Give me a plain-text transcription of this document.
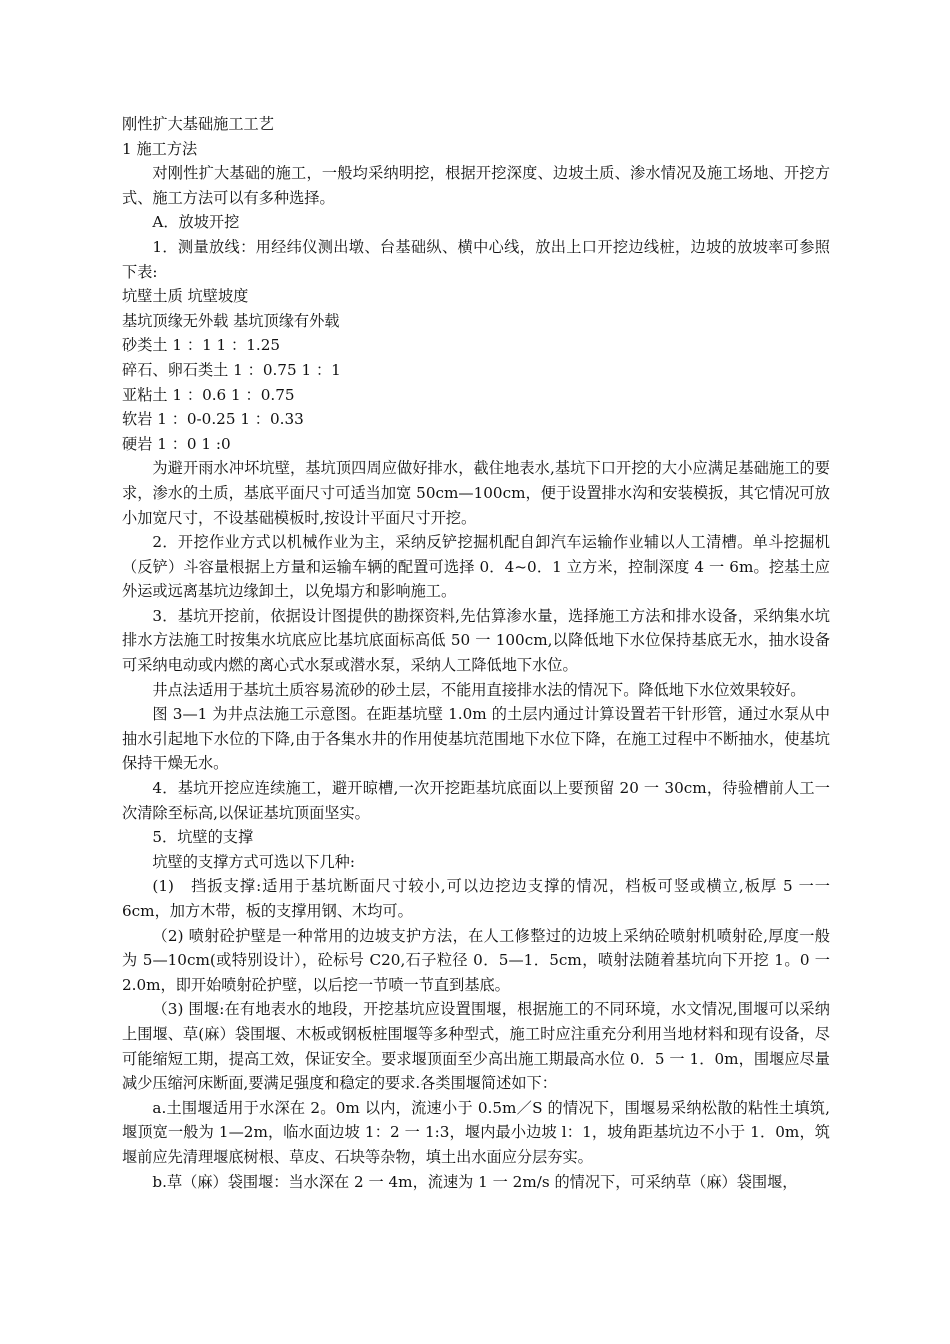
刚性扩大基础施工工艺
1 施工方法
对刚性扩大基础的施工，一般均采纳明挖，根据开挖深度、边坡土质、渗水情况及施工场地、开挖方式、施工方法可以有多种选择。
A．放坡开挖
1．测量放线：用经纬仪测出墩、台基础纵、横中心线，放出上口开挖边线桩，边坡的放坡率可参照下表:
坑壁土质 坑壁坡度
基坑顶缘无外载 基坑顶缘有外载
砂类土 1 ：1 1 ：1.25
碎石、卵石类土 1 ：0.75 1 ：1
亚粘土 1 ：0.6 1 ：0.75
软岩 1 ：0-0.25 1 ：0.33
硬岩 1 ：0 1 :0
为避开雨水冲坏坑壁，基坑顶四周应做好排水，截住地表水,基坑下口开挖的大小应满足基础施工的要求，渗水的土质，基底平面尺寸可适当加宽 50cm—100cm，便于设置排水沟和安装模扳，其它情况可放小加宽尺寸，不设基础模板时,按设计平面尺寸开挖。
2．开挖作业方式以机械作业为主，采纳反铲挖掘机配自卸汽车运输作业辅以人工清槽。单斗挖掘机（反铲）斗容量根据上方量和运输车辆的配置可选择 0．4~0．1 立方米，控制深度 4 一 6m。挖基土应外运或远离基坑边缘卸土，以免塌方和影响施工。
3．基坑开挖前，依据设计图提供的勘探资料,先估算渗水量，选择施工方法和排水设备，采纳集水坑排水方法施工时按集水坑底应比基坑底面标高低 50 一 100cm,以降低地下水位保持基底无水，抽水设备可采纳电动或内燃的离心式水泵或潜水泵，采纳人工降低地下水位。
井点法适用于基坑土质容易流砂的砂土层，不能用直接排水法的情况下。降低地下水位效果较好。
图 3—1 为井点法施工示意图。在距基坑壁 1.0m 的土层内通过计算设置若干针形管，通过水泵从中抽水引起地下水位的下降,由于各集水井的作用使基坑范围地下水位下降，在施工过程中不断抽水，使基坑保持干燥无水。
4．基坑开挖应连续施工，避开晾槽,一次开挖距基坑底面以上要预留 20 一 30cm，待验槽前人工一次清除至标高,以保证基坑顶面坚实。
5．坑壁的支撑
坑壁的支撑方式可选以下几种:
(1)　挡扳支撑:适用于基坑断面尺寸较小,可以边挖边支撑的情况，档板可竖或横立,板厚 5 一一 6cm，加方木带，板的支撑用钢、木均可。
（2) 喷射砼护壁是一种常用的边坡支护方法，在人工修整过的边坡上采纳砼喷射机喷射砼,厚度一般为 5—10cm(或特别设计），砼标号 C20,石子粒径 0．5—1．5cm，喷射法随着基坑向下开挖 1。0 一 2.0m，即开始喷射砼护壁，以后挖一节喷一节直到基底。
（3) 围堰:在有地表水的地段，开挖基坑应设置围堰，根据施工的不同环境，水文情况,围堰可以采纳上围堰、草(麻）袋围堰、木板或钢板桩围堰等多种型式，施工时应注重充分利用当地材料和现有设备，尽可能缩短工期，提高工效，保证安全。要求堰顶面至少高出施工期最高水位 0．5 一 1．0m，围堰应尽量减少压缩河床断面,要满足强度和稳定的要求.各类围堰简述如下：
a.土围堰适用于水深在 2。0m 以内，流速小于 0.5m／S 的情况下，围堰易采纳松散的粘性土填筑,堰顶宽一般为 1—2m，临水面边坡 1：2 一 1:3，堰内最小边坡 l：1，坡角距基坑边不小于 1．0m，筑堰前应先清理堰底树根、草皮、石块等杂物，填土出水面应分层夯实。
b.草（麻）袋围堰：当水深在 2 一 4m，流速为 1 一 2m/s 的情况下，可采纳草（麻）袋围堰，
